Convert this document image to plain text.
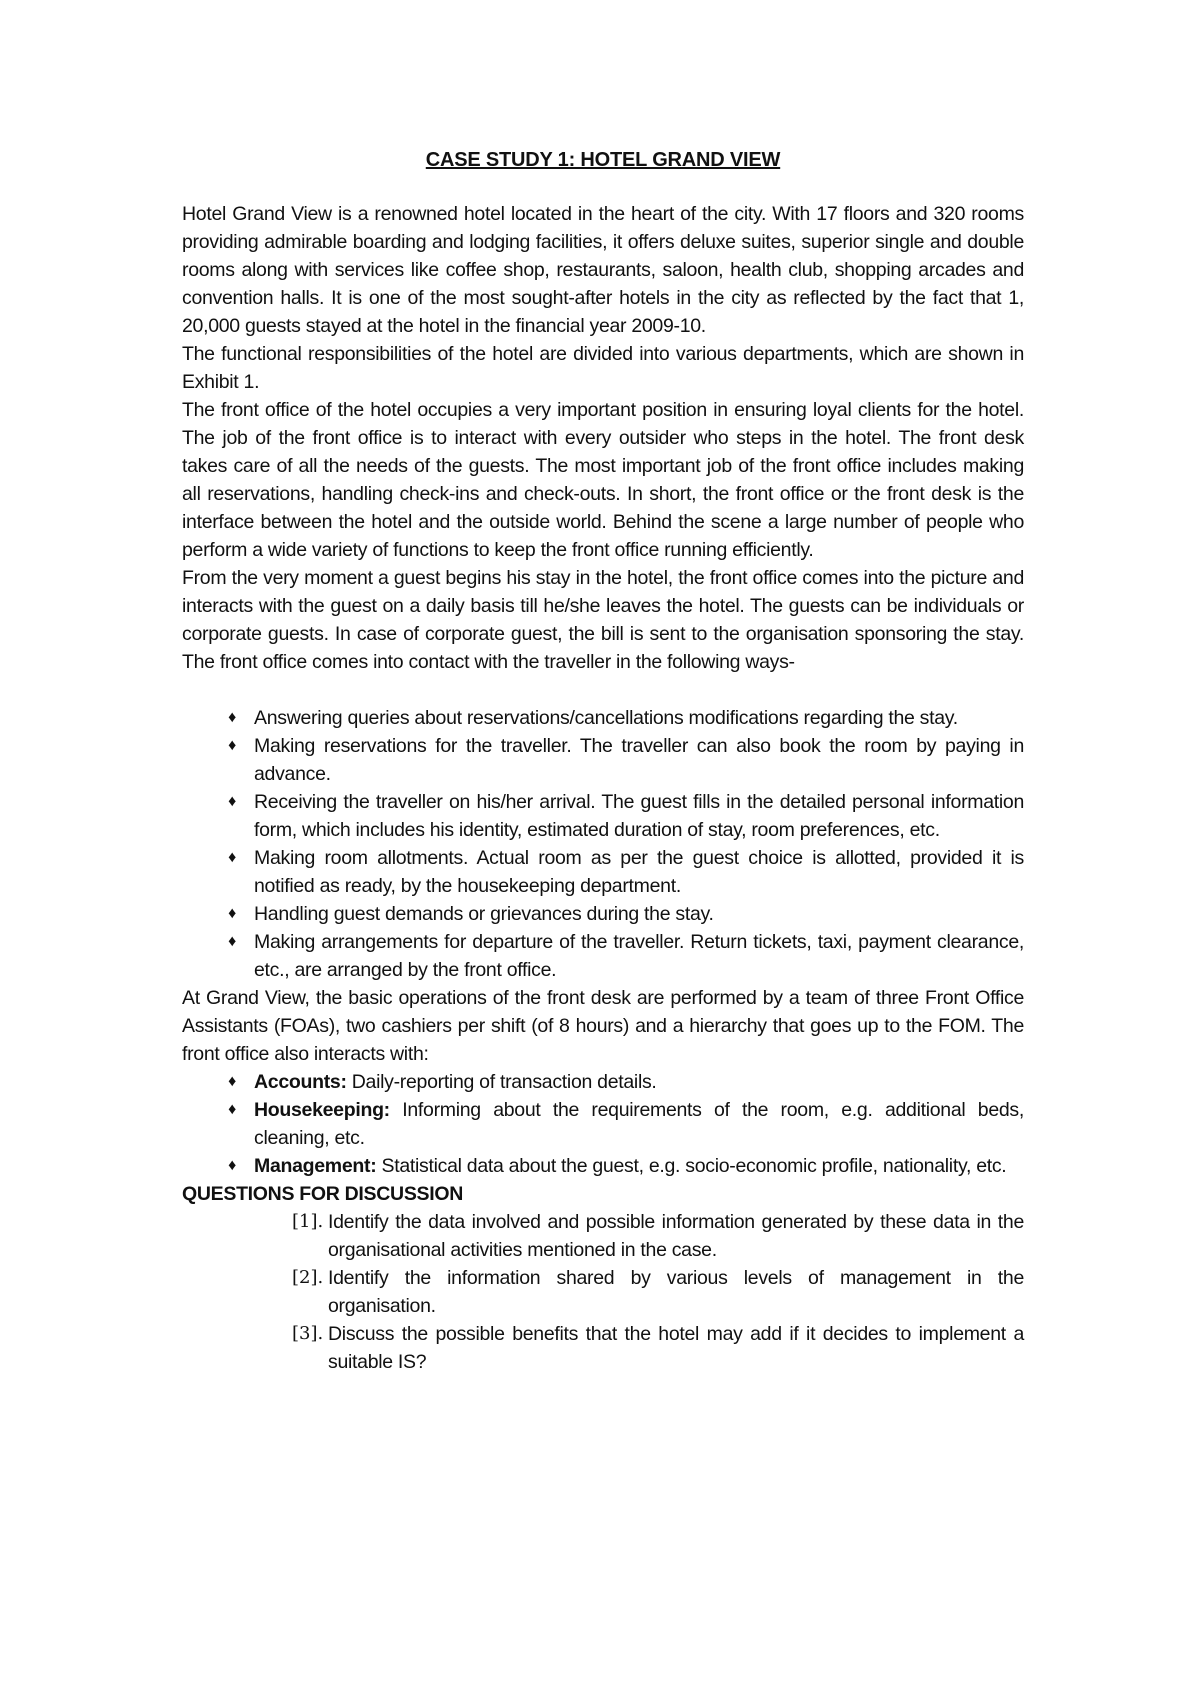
CASE STUDY 1: HOTEL GRAND VIEW

Hotel Grand View is a renowned hotel located in the heart of the city. With 17 floors and 320 rooms providing admirable boarding and lodging facilities, it offers deluxe suites, superior single and double rooms along with services like coffee shop, restaurants, saloon, health club, shopping arcades and convention halls. It is one of the most sought-after hotels in the city as reflected by the fact that 1, 20,000 guests stayed at the hotel in the financial year 2009-10.

The functional responsibilities of the hotel are divided into various departments, which are shown in Exhibit 1.

The front office of the hotel occupies a very important position in ensuring loyal clients for the hotel. The job of the front office is to interact with every outsider who steps in the hotel. The front desk takes care of all the needs of the guests. The most important job of the front office includes making all reservations, handling check-ins and check-outs. In short, the front office or the front desk is the interface between the hotel and the outside world. Behind the scene a large number of people who perform a wide variety of functions to keep the front office running efficiently.

From the very moment a guest begins his stay in the hotel, the front office comes into the picture and interacts with the guest on a daily basis till he/she leaves the hotel. The guests can be individuals or corporate guests. In case of corporate guest, the bill is sent to the organisation sponsoring the stay. The front office comes into contact with the traveller in the following ways-

♦ Answering queries about reservations/cancellations modifications regarding the stay.
♦ Making reservations for the traveller. The traveller can also book the room by paying in advance.
♦ Receiving the traveller on his/her arrival. The guest fills in the detailed personal information form, which includes his identity, estimated duration of stay, room preferences, etc.
♦ Making room allotments. Actual room as per the guest choice is allotted, provided it is notified as ready, by the housekeeping department.
♦ Handling guest demands or grievances during the stay.
♦ Making arrangements for departure of the traveller. Return tickets, taxi, payment clearance, etc., are arranged by the front office.

At Grand View, the basic operations of the front desk are performed by a team of three Front Office Assistants (FOAs), two cashiers per shift (of 8 hours) and a hierarchy that goes up to the FOM. The front office also interacts with:

♦ Accounts: Daily-reporting of transaction details.
♦ Housekeeping: Informing about the requirements of the room, e.g. additional beds, cleaning, etc.
♦ Management: Statistical data about the guest, e.g. socio-economic profile, nationality, etc.
QUESTIONS FOR DISCUSSION
[1]. Identify the data involved and possible information generated by these data in the organisational activities mentioned in the case.
[2]. Identify the information shared by various levels of management in the organisation.
[3]. Discuss the possible benefits that the hotel may add if it decides to implement a suitable IS?
